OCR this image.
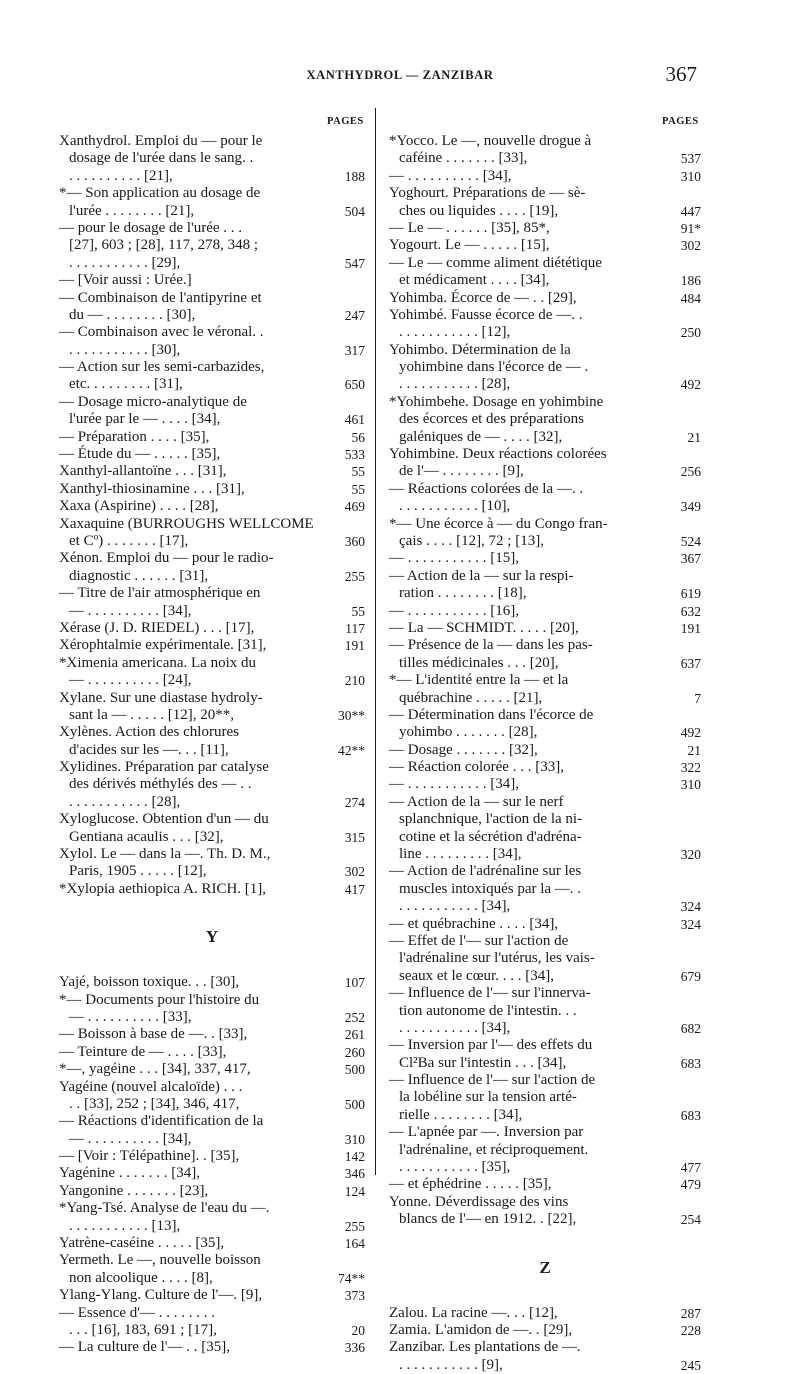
XANTHYDROL — ZANZIBAR	367
PAGES	PAGES
Xanthydrol. Emploi du — pour le
dosage de l'urée dans le sang. .
. . . . . . . . . . [21],	188
*— Son application au dosage de
l'urée . . . . . . . . [21],	504
— pour le dosage de l'urée . . .
[27], 603 ; [28], 117, 278, 348 ;
. . . . . . . . . . . [29],	547
— [Voir aussi : Urée.]
— Combinaison de l'antipyrine et
du — . . . . . . . . [30],	247
— Combinaison avec le véronal. .
. . . . . . . . . . . [30],	317
— Action sur les semi-carbazides,
etc. . . . . . . . . [31],	650
— Dosage micro-analytique de
l'urée par le — . . . . [34],	461
— Préparation . . . . [35],	56
— Étude du — . . . . . [35],	533
Xanthyl-allantoïne . . . [31],	55
Xanthyl-thiosinamine . . . [31],	55
Xaxa (Aspirine) . . . . [28],	469
Xaxaquine (BURROUGHS WELLCOME
et Cº) . . . . . . . [17],	360
Xénon. Emploi du — pour le radio-
diagnostic . . . . . . [31],	255
— Titre de l'air atmosphérique en
— . . . . . . . . . . [34],	55
Xérase (J. D. RIEDEL) . . . [17],	117
Xérophtalmie expérimentale. [31],	191
*Ximenia americana. La noix du
— . . . . . . . . . . [24],	210
Xylane. Sur une diastase hydroly-
sant la — . . . . . [12], 20**,	30**
Xylènes. Action des chlorures
d'acides sur les —. . . [11],	42**
Xylidines. Préparation par catalyse
des dérivés méthylés des — . .
. . . . . . . . . . . [28],	274
Xyloglucose. Obtention d'un — du
Gentiana acaulis . . . [32],	315
Xylol. Le — dans la —. Th. D. M.,
Paris, 1905 . . . . . [12],	302
*Xylopia aethiopica A. RICH. [1],	417
Y
Yajé, boisson toxique. . . [30],	107
*— Documents pour l'histoire du
— . . . . . . . . . . [33],	252
— Boisson à base de —. . [33],	261
— Teinture de — . . . . [33],	260
*—, yagéine . . . [34], 337, 417,	500
Yagéine (nouvel alcaloïde) . . .
. . [33], 252 ; [34], 346, 417,	500
— Réactions d'identification de la
— . . . . . . . . . . [34],	310
— [Voir : Télépathine]. . [35],	142
Yagénine . . . . . . . [34],	346
Yangonine . . . . . . . [23],	124
*Yang-Tsé. Analyse de l'eau du —.
. . . . . . . . . . . [13],	255
Yatrène-caséine . . . . . [35],	164
Yermeth. Le —, nouvelle boisson
non alcoolique . . . . [8],	74**
Ylang-Ylang. Culture de l'—. [9],	373
— Essence d'— . . . . . . . .
. . . [16], 183, 691 ; [17],	20
— La culture de l'— . . [35],	336
*Yocco. Le —, nouvelle drogue à
caféine . . . . . . . [33],	537
— . . . . . . . . . . [34],	310
Yoghourt. Préparations de — sè-
ches ou liquides . . . . [19],	447
— Le — . . . . . . [35], 85*,	91*
Yogourt. Le — . . . . . [15],	302
— Le — comme aliment diététique
et médicament . . . . [34],	186
Yohimba. Écorce de — . . [29],	484
Yohimbé. Fausse écorce de —. .
. . . . . . . . . . . [12],	250
Yohimbo. Détermination de la
yohimbine dans l'écorce de — .
. . . . . . . . . . . [28],	492
*Yohimbehe. Dosage en yohimbine
des écorces et des préparations
galéniques de — . . . . [32],	21
Yohimbine. Deux réactions colorées
de l'— . . . . . . . . [9],	256
— Réactions colorées de la —. .
. . . . . . . . . . . [10],	349
*— Une écorce à — du Congo fran-
çais . . . . [12], 72 ; [13],	524
— . . . . . . . . . . . [15],	367
— Action de la — sur la respi-
ration . . . . . . . . [18],	619
— . . . . . . . . . . . [16],	632
— La — SCHMIDT. . . . . [20],	191
— Présence de la — dans les pas-
tilles médicinales . . . [20],	637
*— L'identité entre la — et la
québrachine . . . . . [21],	7
— Détermination dans l'écorce de
yohimbo . . . . . . . [28],	492
— Dosage . . . . . . . [32],	21
— Réaction colorée . . . [33],	322
— . . . . . . . . . . . [34],	310
— Action de la — sur le nerf
splanchnique, l'action de la ni-
cotine et la sécrétion d'adréna-
line . . . . . . . . . [34],	320
— Action de l'adrénaline sur les
muscles intoxiqués par la —. .
. . . . . . . . . . . [34],	324
— et québrachine . . . . [34],	324
— Effet de l'— sur l'action de
l'adrénaline sur l'utérus, les vais-
seaux et le cœur. . . . [34],	679
— Influence de l'— sur l'innerva-
tion autonome de l'intestin. . .
. . . . . . . . . . . [34],	682
— Inversion par l'— des effets du
Cl²Ba sur l'intestin . . . [34],	683
— Influence de l'— sur l'action de
la lobéline sur la tension arté-
rielle . . . . . . . . [34],	683
— L'apnée par —. Inversion par
l'adrénaline, et réciproquement.
. . . . . . . . . . . [35],	477
— et éphédrine . . . . . [35],	479
Yonne. Déverdissage des vins
blancs de l'— en 1912. . [22],	254
Z
Zalou. La racine —. . . [12],	287
Zamia. L'amidon de —. . [29],	228
Zanzibar. Les plantations de —.
. . . . . . . . . . . [9],	245
